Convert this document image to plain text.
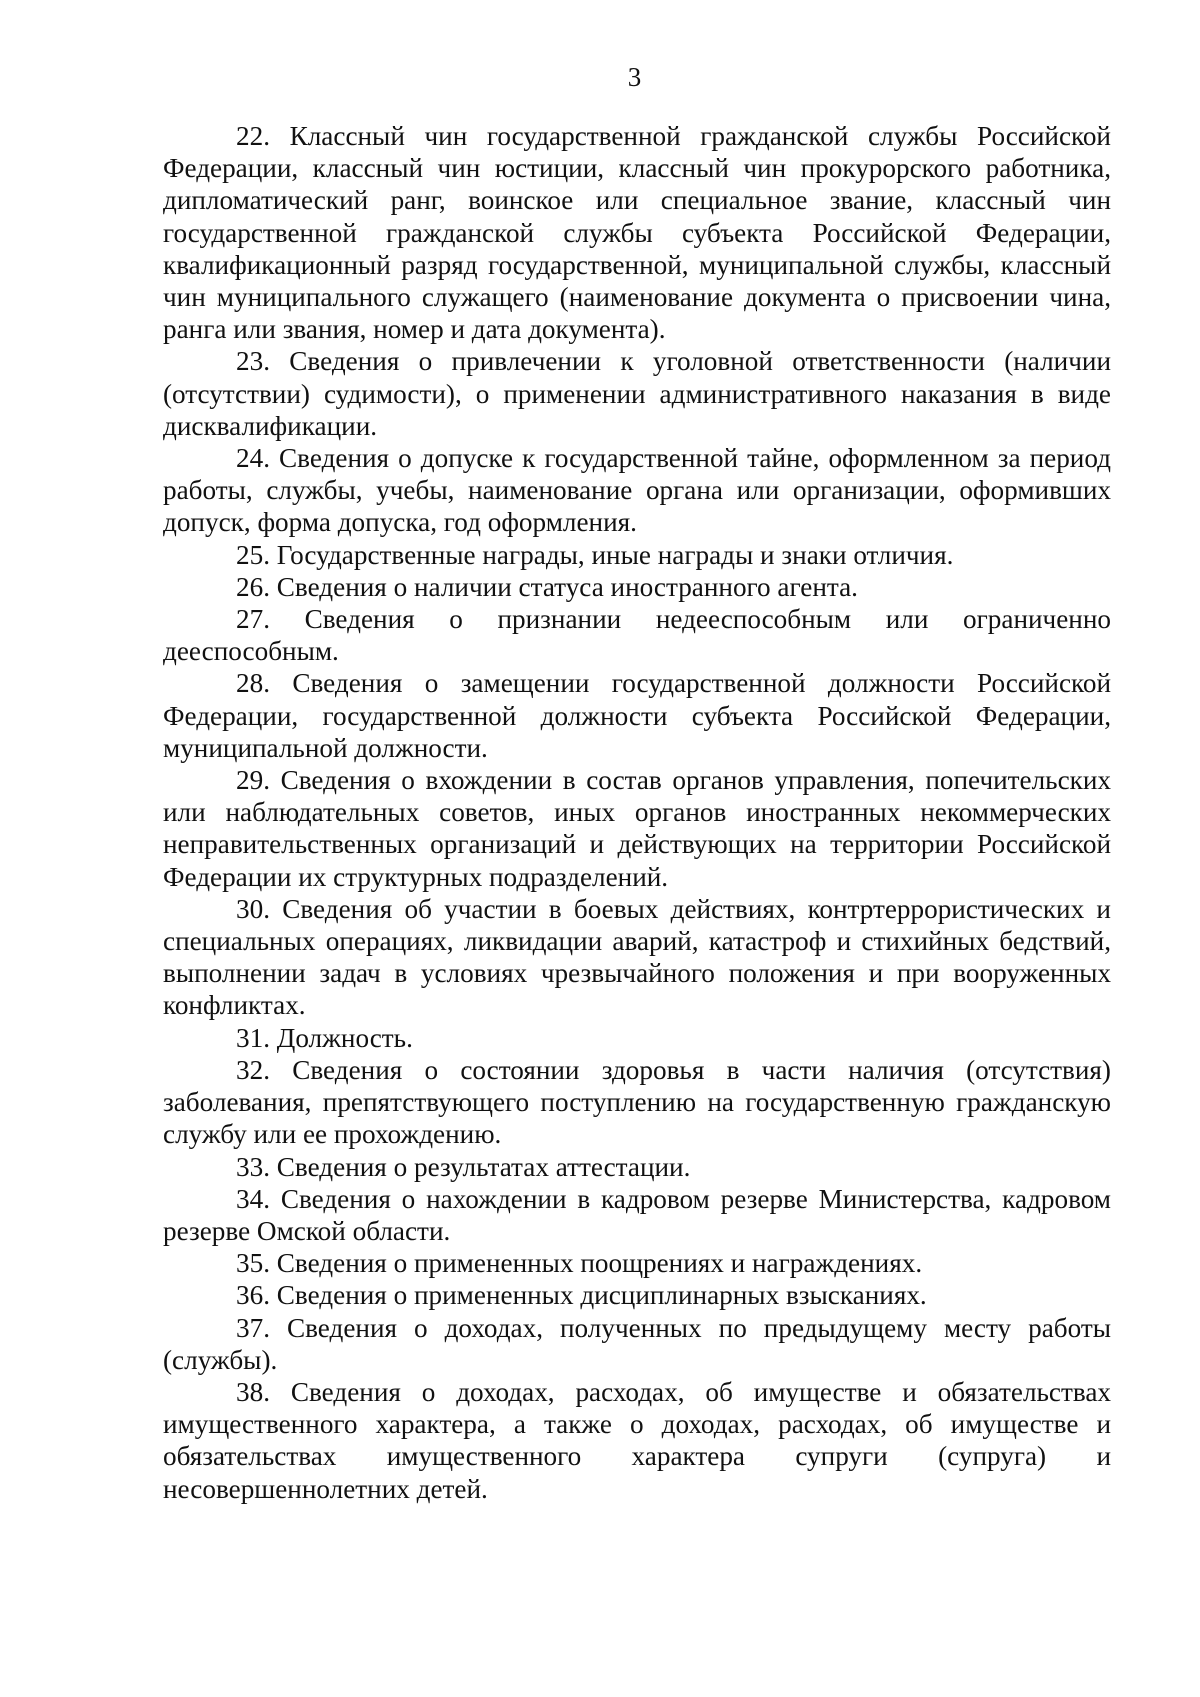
3

22. Классный чин государственной гражданской службы Российской Федерации, классный чин юстиции, классный чин прокурорского работника, дипломатический ранг, воинское или специальное звание, классный чин государственной гражданской службы субъекта Российской Федерации, квалификационный разряд государственной, муниципальной службы, классный чин муниципального служащего (наименование документа о присвоении чина, ранга или звания, номер и дата документа).

23. Сведения о привлечении к уголовной ответственности (наличии (отсутствии) судимости), о применении административного наказания в виде дисквалификации.

24. Сведения о допуске к государственной тайне, оформленном за период работы, службы, учебы, наименование органа или организации, оформивших допуск, форма допуска, год оформления.

25. Государственные награды, иные награды и знаки отличия.

26. Сведения о наличии статуса иностранного агента.

27. Сведения о признании недееспособным или ограниченно дееспособным.

28. Сведения о замещении государственной должности Российской Федерации, государственной должности субъекта Российской Федерации, муниципальной должности.

29. Сведения о вхождении в состав органов управления, попечительских или наблюдательных советов, иных органов иностранных некоммерческих неправительственных организаций и действующих на территории Российской Федерации их структурных подразделений.

30. Сведения об участии в боевых действиях, контртеррористических и специальных операциях, ликвидации аварий, катастроф и стихийных бедствий, выполнении задач в условиях чрезвычайного положения и при вооруженных конфликтах.

31. Должность.

32. Сведения о состоянии здоровья в части наличия (отсутствия) заболевания, препятствующего поступлению на государственную гражданскую службу или ее прохождению.

33. Сведения о результатах аттестации.

34. Сведения о нахождении в кадровом резерве Министерства, кадровом резерве Омской области.

35. Сведения о примененных поощрениях и награждениях.

36. Сведения о примененных дисциплинарных взысканиях.

37. Сведения о доходах, полученных по предыдущему месту работы (службы).

38. Сведения о доходах, расходах, об имуществе и обязательствах имущественного характера, а также о доходах, расходах, об имуществе и обязательствах имущественного характера супруги (супруга) и несовершеннолетних детей.
